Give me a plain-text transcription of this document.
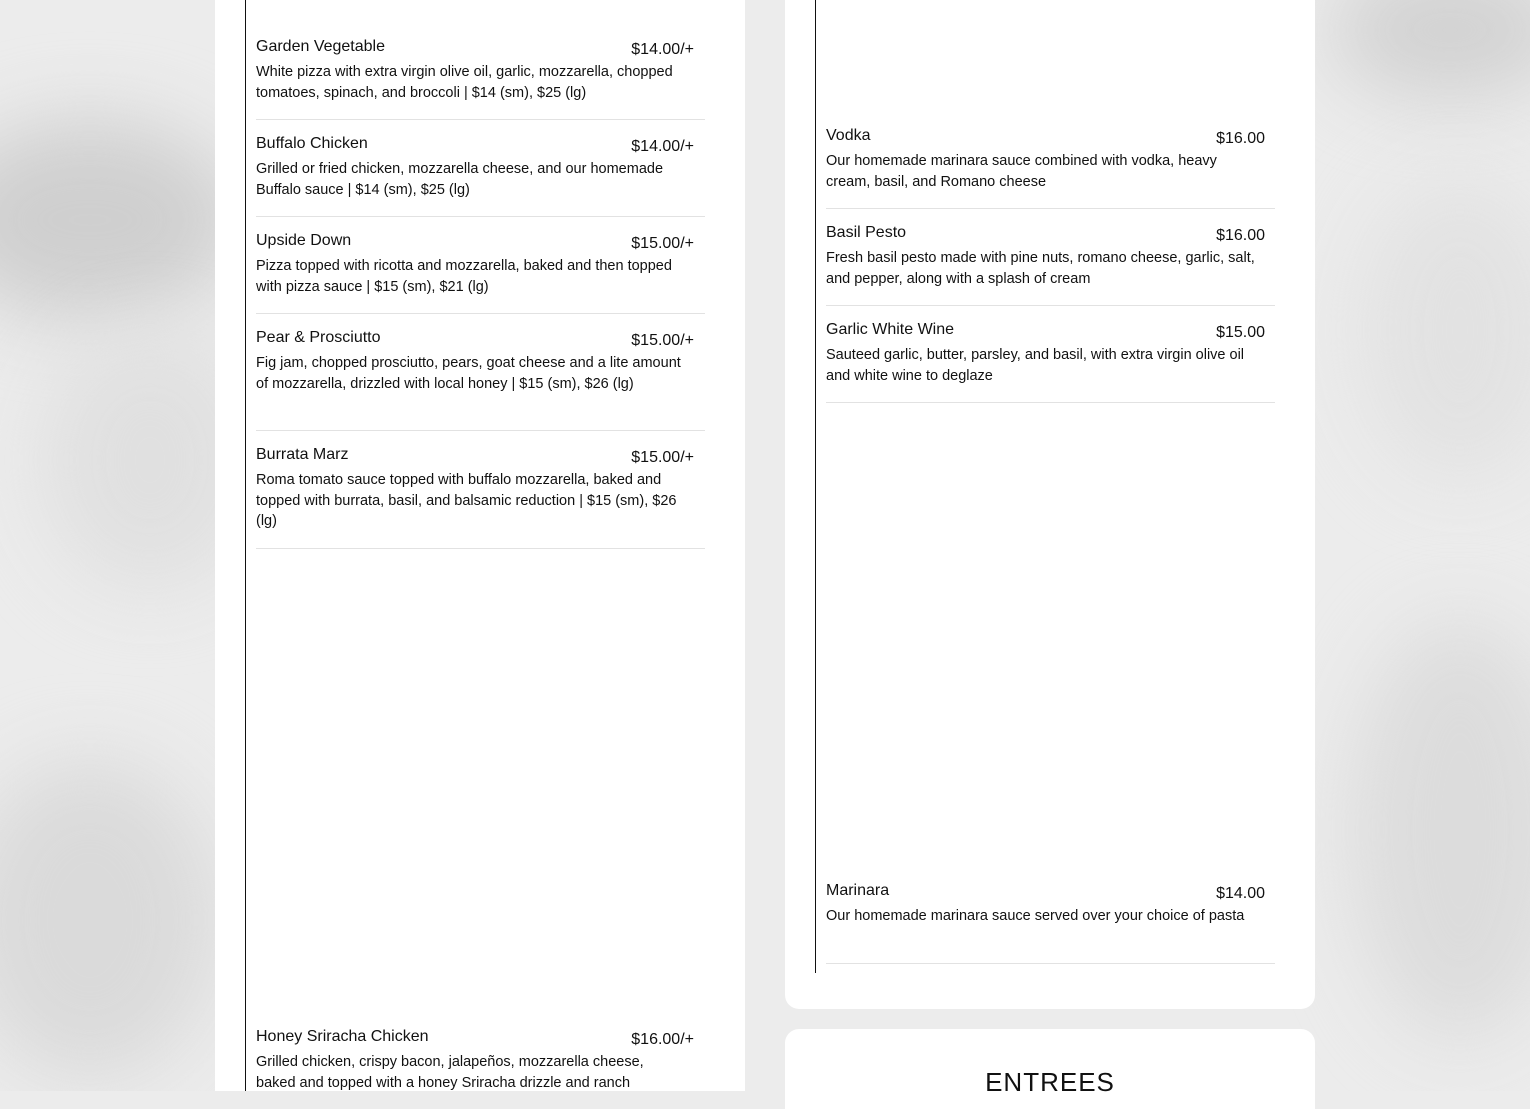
Garden Vegetable	$14.00/+
White pizza with extra virgin olive oil, garlic, mozzarella, chopped tomatoes, spinach, and broccoli | $14 (sm), $25 (lg)
Buffalo Chicken	$14.00/+
Grilled or fried chicken, mozzarella cheese, and our homemade Buffalo sauce | $14 (sm), $25 (lg)
Upside Down	$15.00/+
Pizza topped with ricotta and mozzarella, baked and then topped with pizza sauce | $15 (sm), $21 (lg)
Pear & Prosciutto	$15.00/+
Fig jam, chopped prosciutto, pears, goat cheese and a lite amount of mozzarella, drizzled with local honey | $15 (sm), $26 (lg)
Burrata Marz	$15.00/+
Roma tomato sauce topped with buffalo mozzarella, baked and topped with burrata, basil, and balsamic reduction | $15 (sm), $26 (lg)
Honey Sriracha Chicken	$16.00/+
Grilled chicken, crispy bacon, jalapeños, mozzarella cheese, baked and topped with a honey Sriracha drizzle and ranch
Vodka	$16.00
Our homemade marinara sauce combined with vodka, heavy cream, basil, and Romano cheese
Basil Pesto	$16.00
Fresh basil pesto made with pine nuts, romano cheese, garlic, salt, and pepper, along with a splash of cream
Garlic White Wine	$15.00
Sauteed garlic, butter, parsley, and basil, with extra virgin olive oil and white wine to deglaze
Marinara	$14.00
Our homemade marinara sauce served over your choice of pasta
ENTREES
